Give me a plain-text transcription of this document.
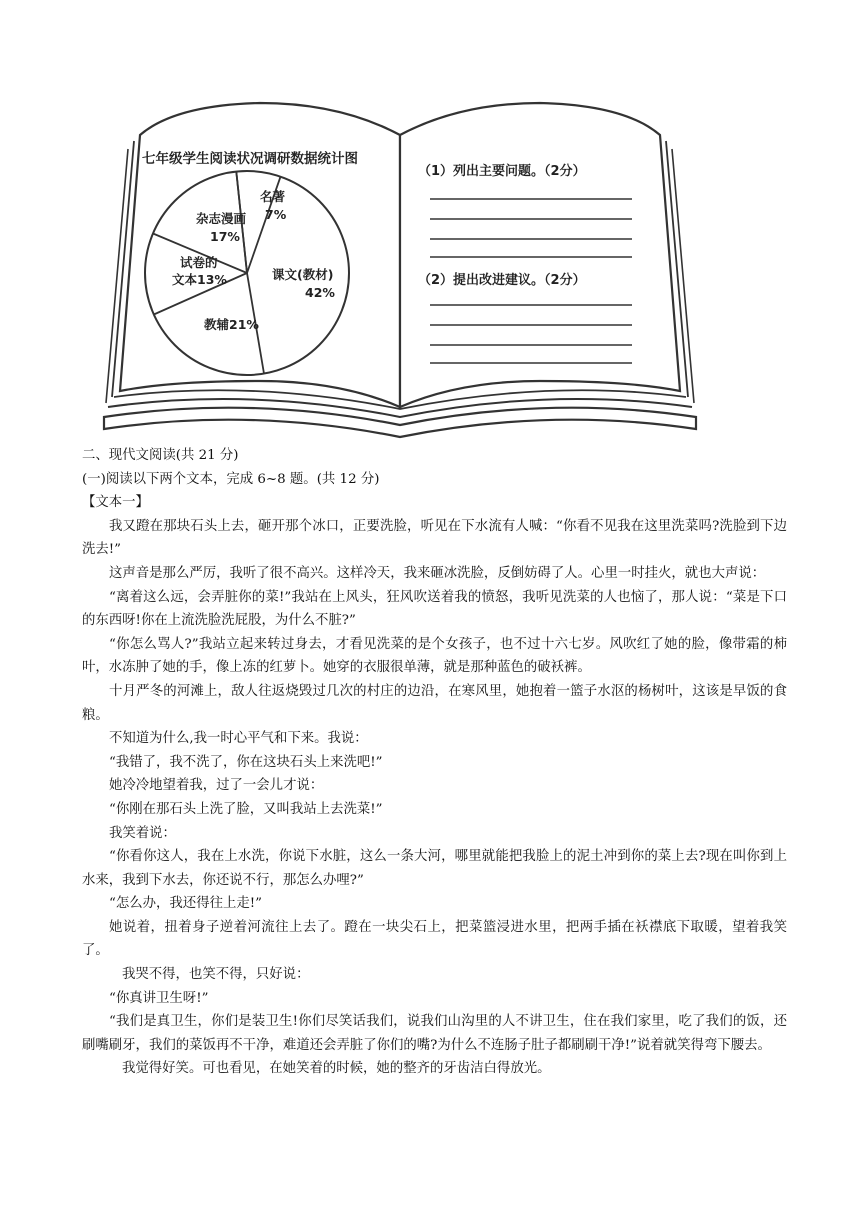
七年级学生阅读状况调研数据统计图
名著
7%
杂志漫画
17%
试卷的
文本13%	课文(教材)
42%
教辅21%
（1）列出主要问题。（2分）
（2）提出改进建议。（2分）

二、现代文阅读(共 21 分)

(一)阅读以下两个文本，完成 6~8 题。(共 12 分)

【文本一】

我又蹬在那块石头上去，砸开那个冰口，正要洗脸，听见在下水流有人喊：“你看不见我在这里洗菜吗?洗脸到下边洗去!”

这声音是那么严厉，我听了很不高兴。这样冷天，我来砸冰洗脸，反倒妨碍了人。心里一时挂火，就也大声说：

“离着这么远，会弄脏你的菜!”我站在上风头，狂风吹送着我的愤怒，我听见洗菜的人也恼了，那人说：“菜是下口的东西呀!你在上流洗脸洗屁股，为什么不脏?”

“你怎么骂人?”我站立起来转过身去，才看见洗菜的是个女孩子，也不过十六七岁。风吹红了她的脸，像带霜的柿叶，水冻肿了她的手，像上冻的红萝卜。她穿的衣服很单薄，就是那种蓝色的破袄裤。

十月严冬的河滩上，敌人往返烧毁过几次的村庄的边沿，在寒风里，她抱着一篮子水沤的杨树叶，这该是早饭的食粮。

不知道为什么,我一时心平气和下来。我说：

“我错了，我不洗了，你在这块石头上来洗吧!”

她冷冷地望着我，过了一会儿才说：

“你刚在那石头上洗了脸，又叫我站上去洗菜!”

我笑着说：

“你看你这人，我在上水洗，你说下水脏，这么一条大河，哪里就能把我脸上的泥土冲到你的菜上去?现在叫你到上水来，我到下水去，你还说不行，那怎么办哩?”

“怎么办，我还得往上走!”

她说着，扭着身子逆着河流往上去了。蹬在一块尖石上，把菜篮浸进水里，把两手插在袄襟底下取暖，望着我笑了。

我哭不得，也笑不得，只好说：

“你真讲卫生呀!”

“我们是真卫生，你们是装卫生!你们尽笑话我们，说我们山沟里的人不讲卫生，住在我们家里，吃了我们的饭，还刷嘴刷牙，我们的菜饭再不干净，难道还会弄脏了你们的嘴?为什么不连肠子肚子都刷刷干净!”说着就笑得弯下腰去。

我觉得好笑。可也看见，在她笑着的时候，她的整齐的牙齿洁白得放光。
